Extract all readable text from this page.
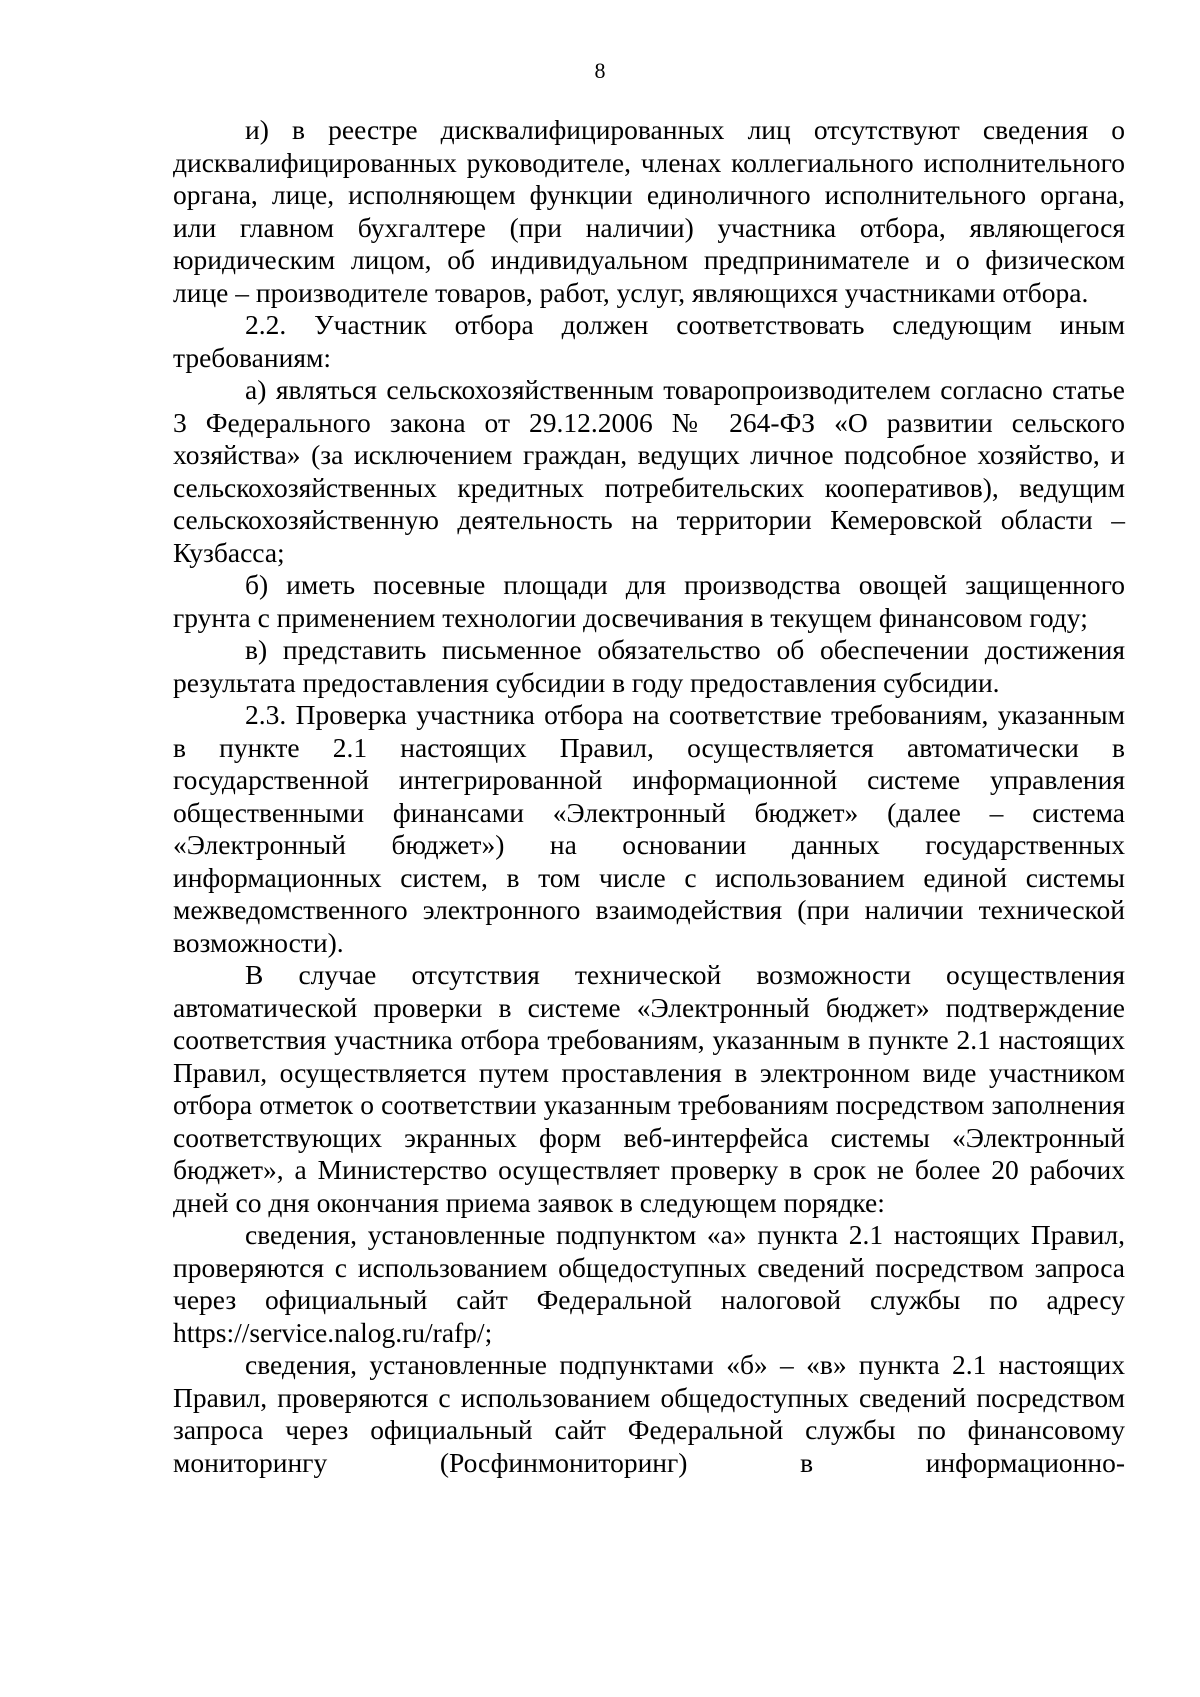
8

и) в реестре дисквалифицированных лиц отсутствуют сведения о дисквалифицированных руководителе, членах коллегиального исполнительного органа, лице, исполняющем функции единоличного исполнительного органа, или главном бухгалтере (при наличии) участника отбора, являющегося юридическим лицом, об индивидуальном предпринимателе и о физическом лице – производителе товаров, работ, услуг, являющихся участниками отбора.

2.2. Участник отбора должен соответствовать следующим иным требованиям:

а) являться сельскохозяйственным товаропроизводителем согласно статье 3 Федерального закона от 29.12.2006 № 264-ФЗ «О развитии сельского хозяйства» (за исключением граждан, ведущих личное подсобное хозяйство, и сельскохозяйственных кредитных потребительских кооперативов), ведущим сельскохозяйственную деятельность на территории Кемеровской области – Кузбасса;

б) иметь посевные площади для производства овощей защищенного грунта с применением технологии досвечивания в текущем финансовом году;

в) представить письменное обязательство об обеспечении достижения результата предоставления субсидии в году предоставления субсидии.

2.3. Проверка участника отбора на соответствие требованиям, указанным в пункте 2.1 настоящих Правил, осуществляется автоматически в государственной интегрированной информационной системе управления общественными финансами «Электронный бюджет» (далее – система «Электронный бюджет») на основании данных государственных информационных систем, в том числе с использованием единой системы межведомственного электронного взаимодействия (при наличии технической возможности).

В случае отсутствия технической возможности осуществления автоматической проверки в системе «Электронный бюджет» подтверждение соответствия участника отбора требованиям, указанным в пункте 2.1 настоящих Правил, осуществляется путем проставления в электронном виде участником отбора отметок о соответствии указанным требованиям посредством заполнения соответствующих экранных форм веб-интерфейса системы «Электронный бюджет», а Министерство осуществляет проверку в срок не более 20 рабочих дней со дня окончания приема заявок в следующем порядке:

сведения, установленные подпунктом «а» пункта 2.1 настоящих Правил, проверяются с использованием общедоступных сведений посредством запроса через официальный сайт Федеральной налоговой службы по адресу https://service.nalog.ru/rafp/;

сведения, установленные подпунктами «б» – «в» пункта 2.1 настоящих Правил, проверяются с использованием общедоступных сведений посредством запроса через официальный сайт Федеральной службы по финансовому мониторингу (Росфинмониторинг) в информационно-
